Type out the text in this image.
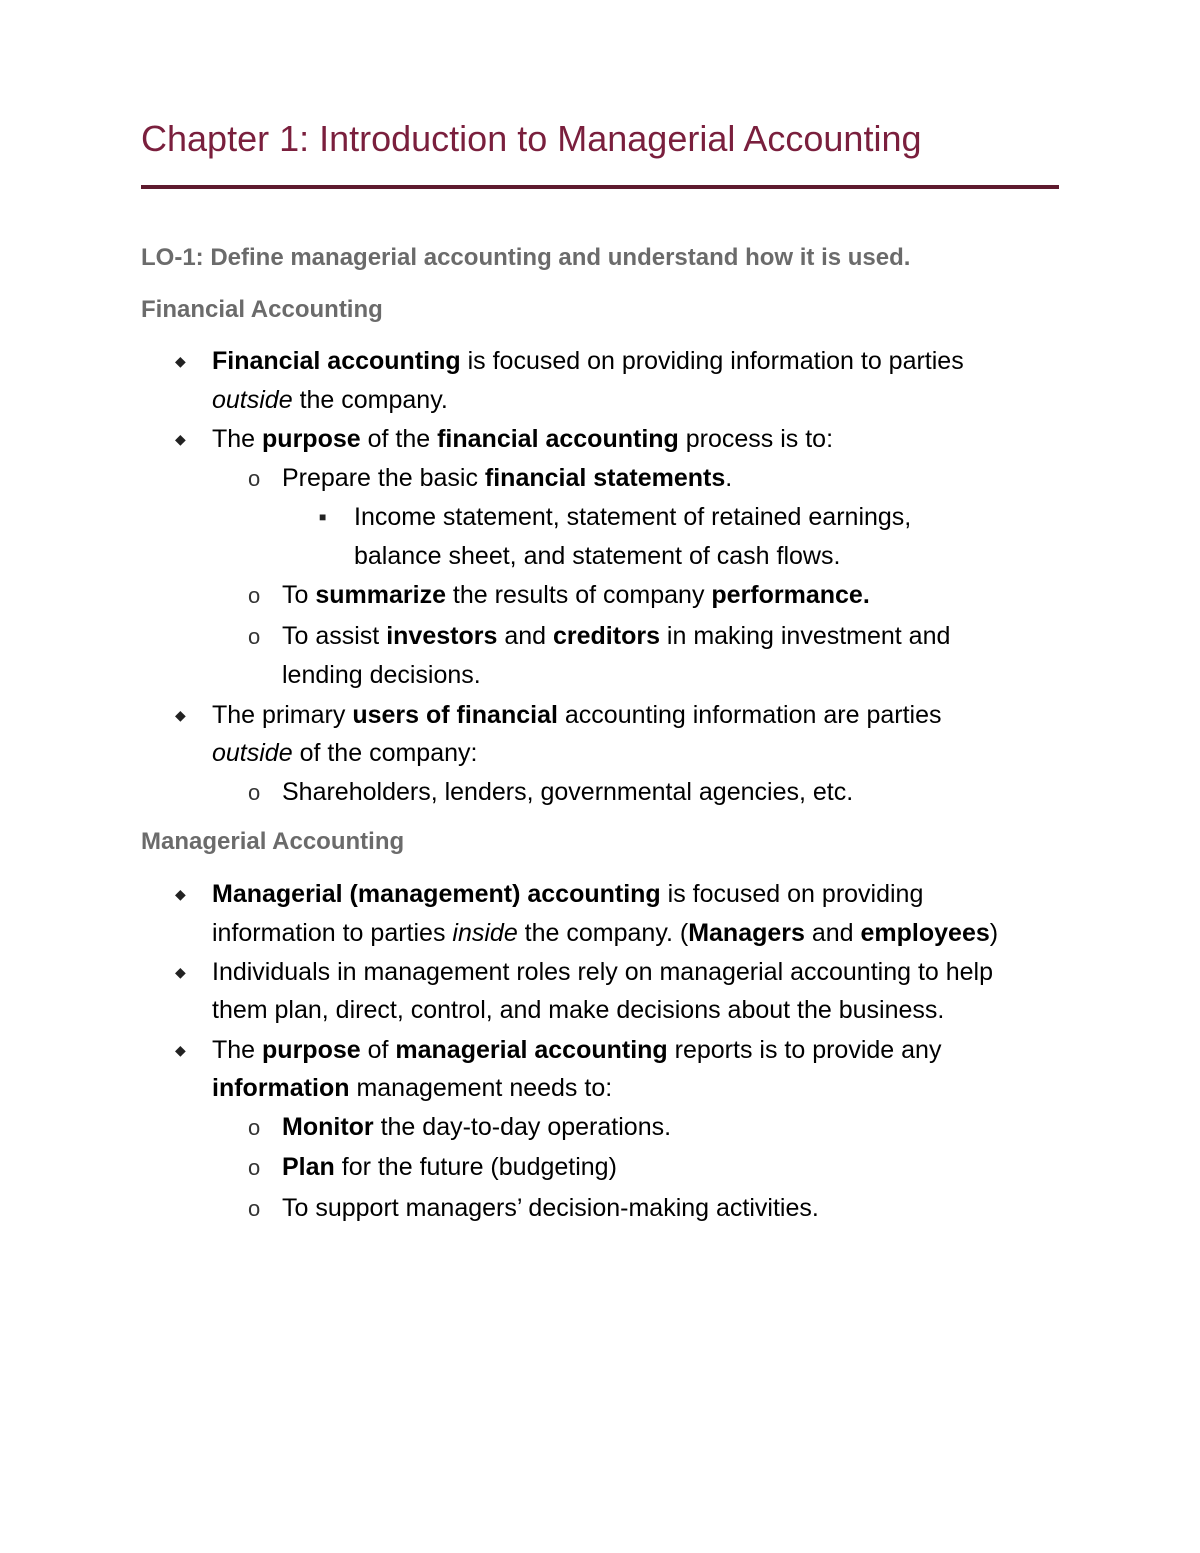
Chapter 1: Introduction to Managerial Accounting
LO-1: Define managerial accounting and understand how it is used.
Financial Accounting
◆ Financial accounting is focused on providing information to parties
outside the company.
◆ The purpose of the financial accounting process is to:
o Prepare the basic financial statements.
■ Income statement, statement of retained earnings,
balance sheet, and statement of cash flows.
o To summarize the results of company performance.
o To assist investors and creditors in making investment and
lending decisions.
◆ The primary users of financial accounting information are parties
outside of the company:
o Shareholders, lenders, governmental agencies, etc.
Managerial Accounting
◆ Managerial (management) accounting is focused on providing
information to parties inside the company. (Managers and employees)
◆ Individuals in management roles rely on managerial accounting to help
them plan, direct, control, and make decisions about the business.
◆ The purpose of managerial accounting reports is to provide any
information management needs to:
o Monitor the day-to-day operations.
o Plan for the future (budgeting)
o To support managers’ decision-making activities.
